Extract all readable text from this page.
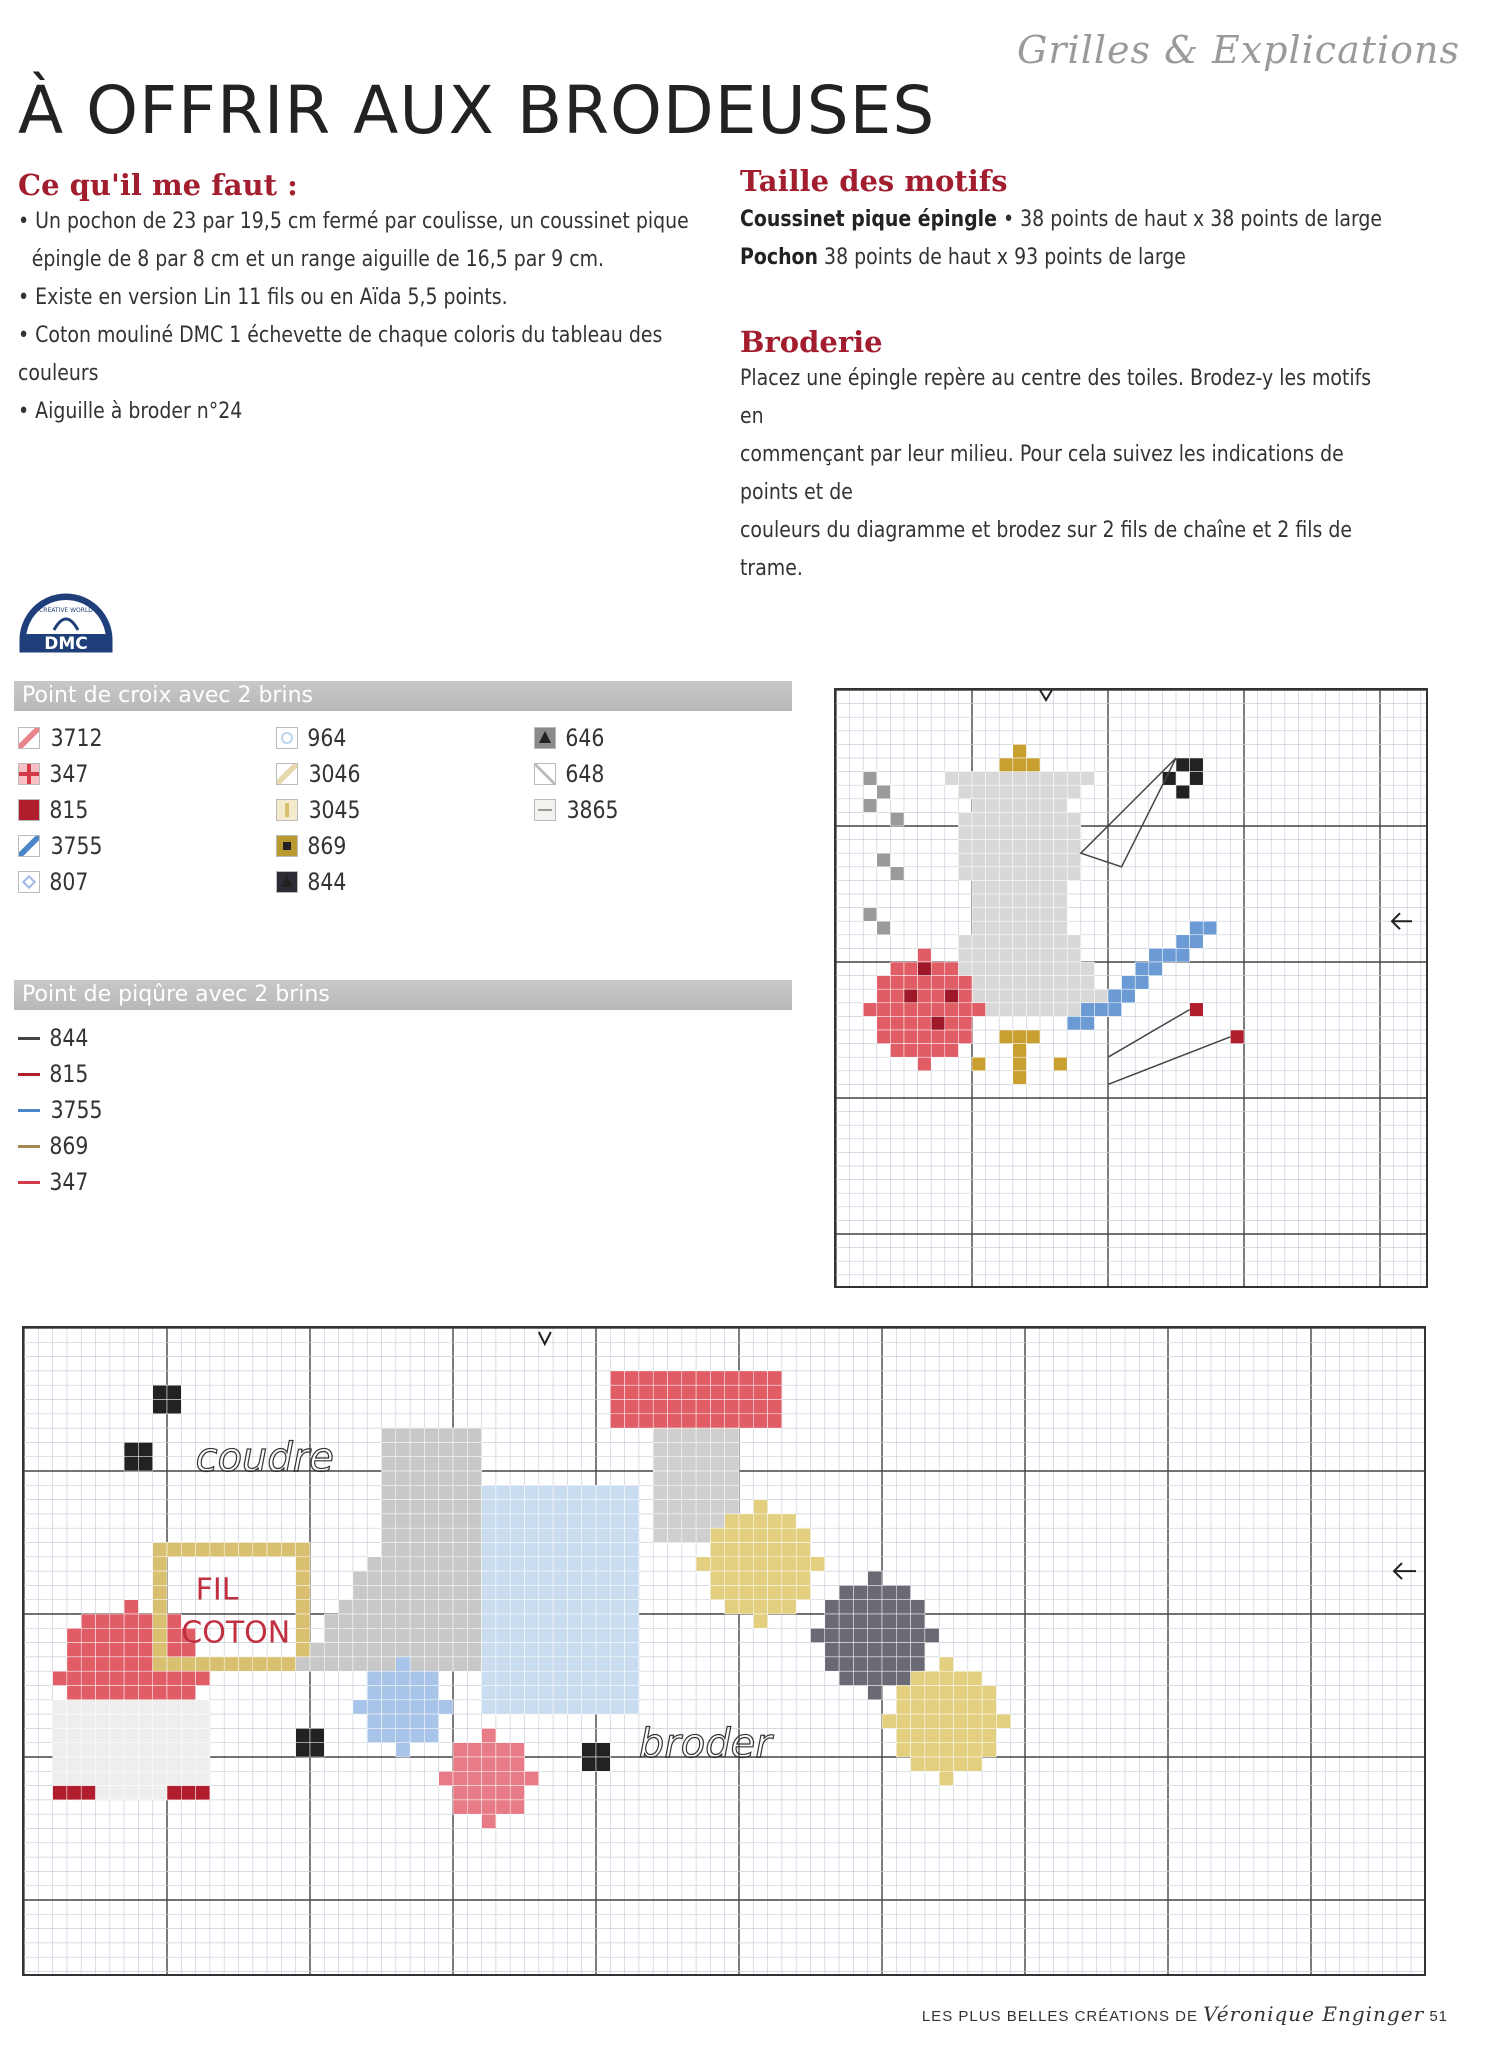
Grilles & Explications
À OFFRIR AUX BRODEUSES
Ce qu'il me faut :
• Un pochon de 23 par 19,5 cm fermé par coulisse, un coussinet pique
épingle de 8 par 8 cm et un range aiguille de 16,5 par 9 cm.
• Existe en version Lin 11 fils ou en Aïda 5,5 points.
• Coton mouliné DMC 1 échevette de chaque coloris du tableau des couleurs
• Aiguille à broder n°24
Taille des motifs
Coussinet pique épingle • 38 points de haut x 38 points de large
Pochon 38 points de haut x 93 points de large
Broderie
Placez une épingle repère au centre des toiles. Brodez-y les motifs en
commençant par leur milieu. Pour cela suivez les indications de points et de
couleurs du diagramme et brodez sur 2 fils de chaîne et 2 fils de trame.
DMC
CREATIVE WORLD
Point de croix avec 2 brins
3712
347
815
3755
807
964
3046
3045
869
844
646
648
3865
Point de piqûre avec 2 brins
844
815
3755
869
347
FIL
COTON
coudre
broder
LES PLUS BELLES CRÉATIONS DE Véronique Enginger 51
